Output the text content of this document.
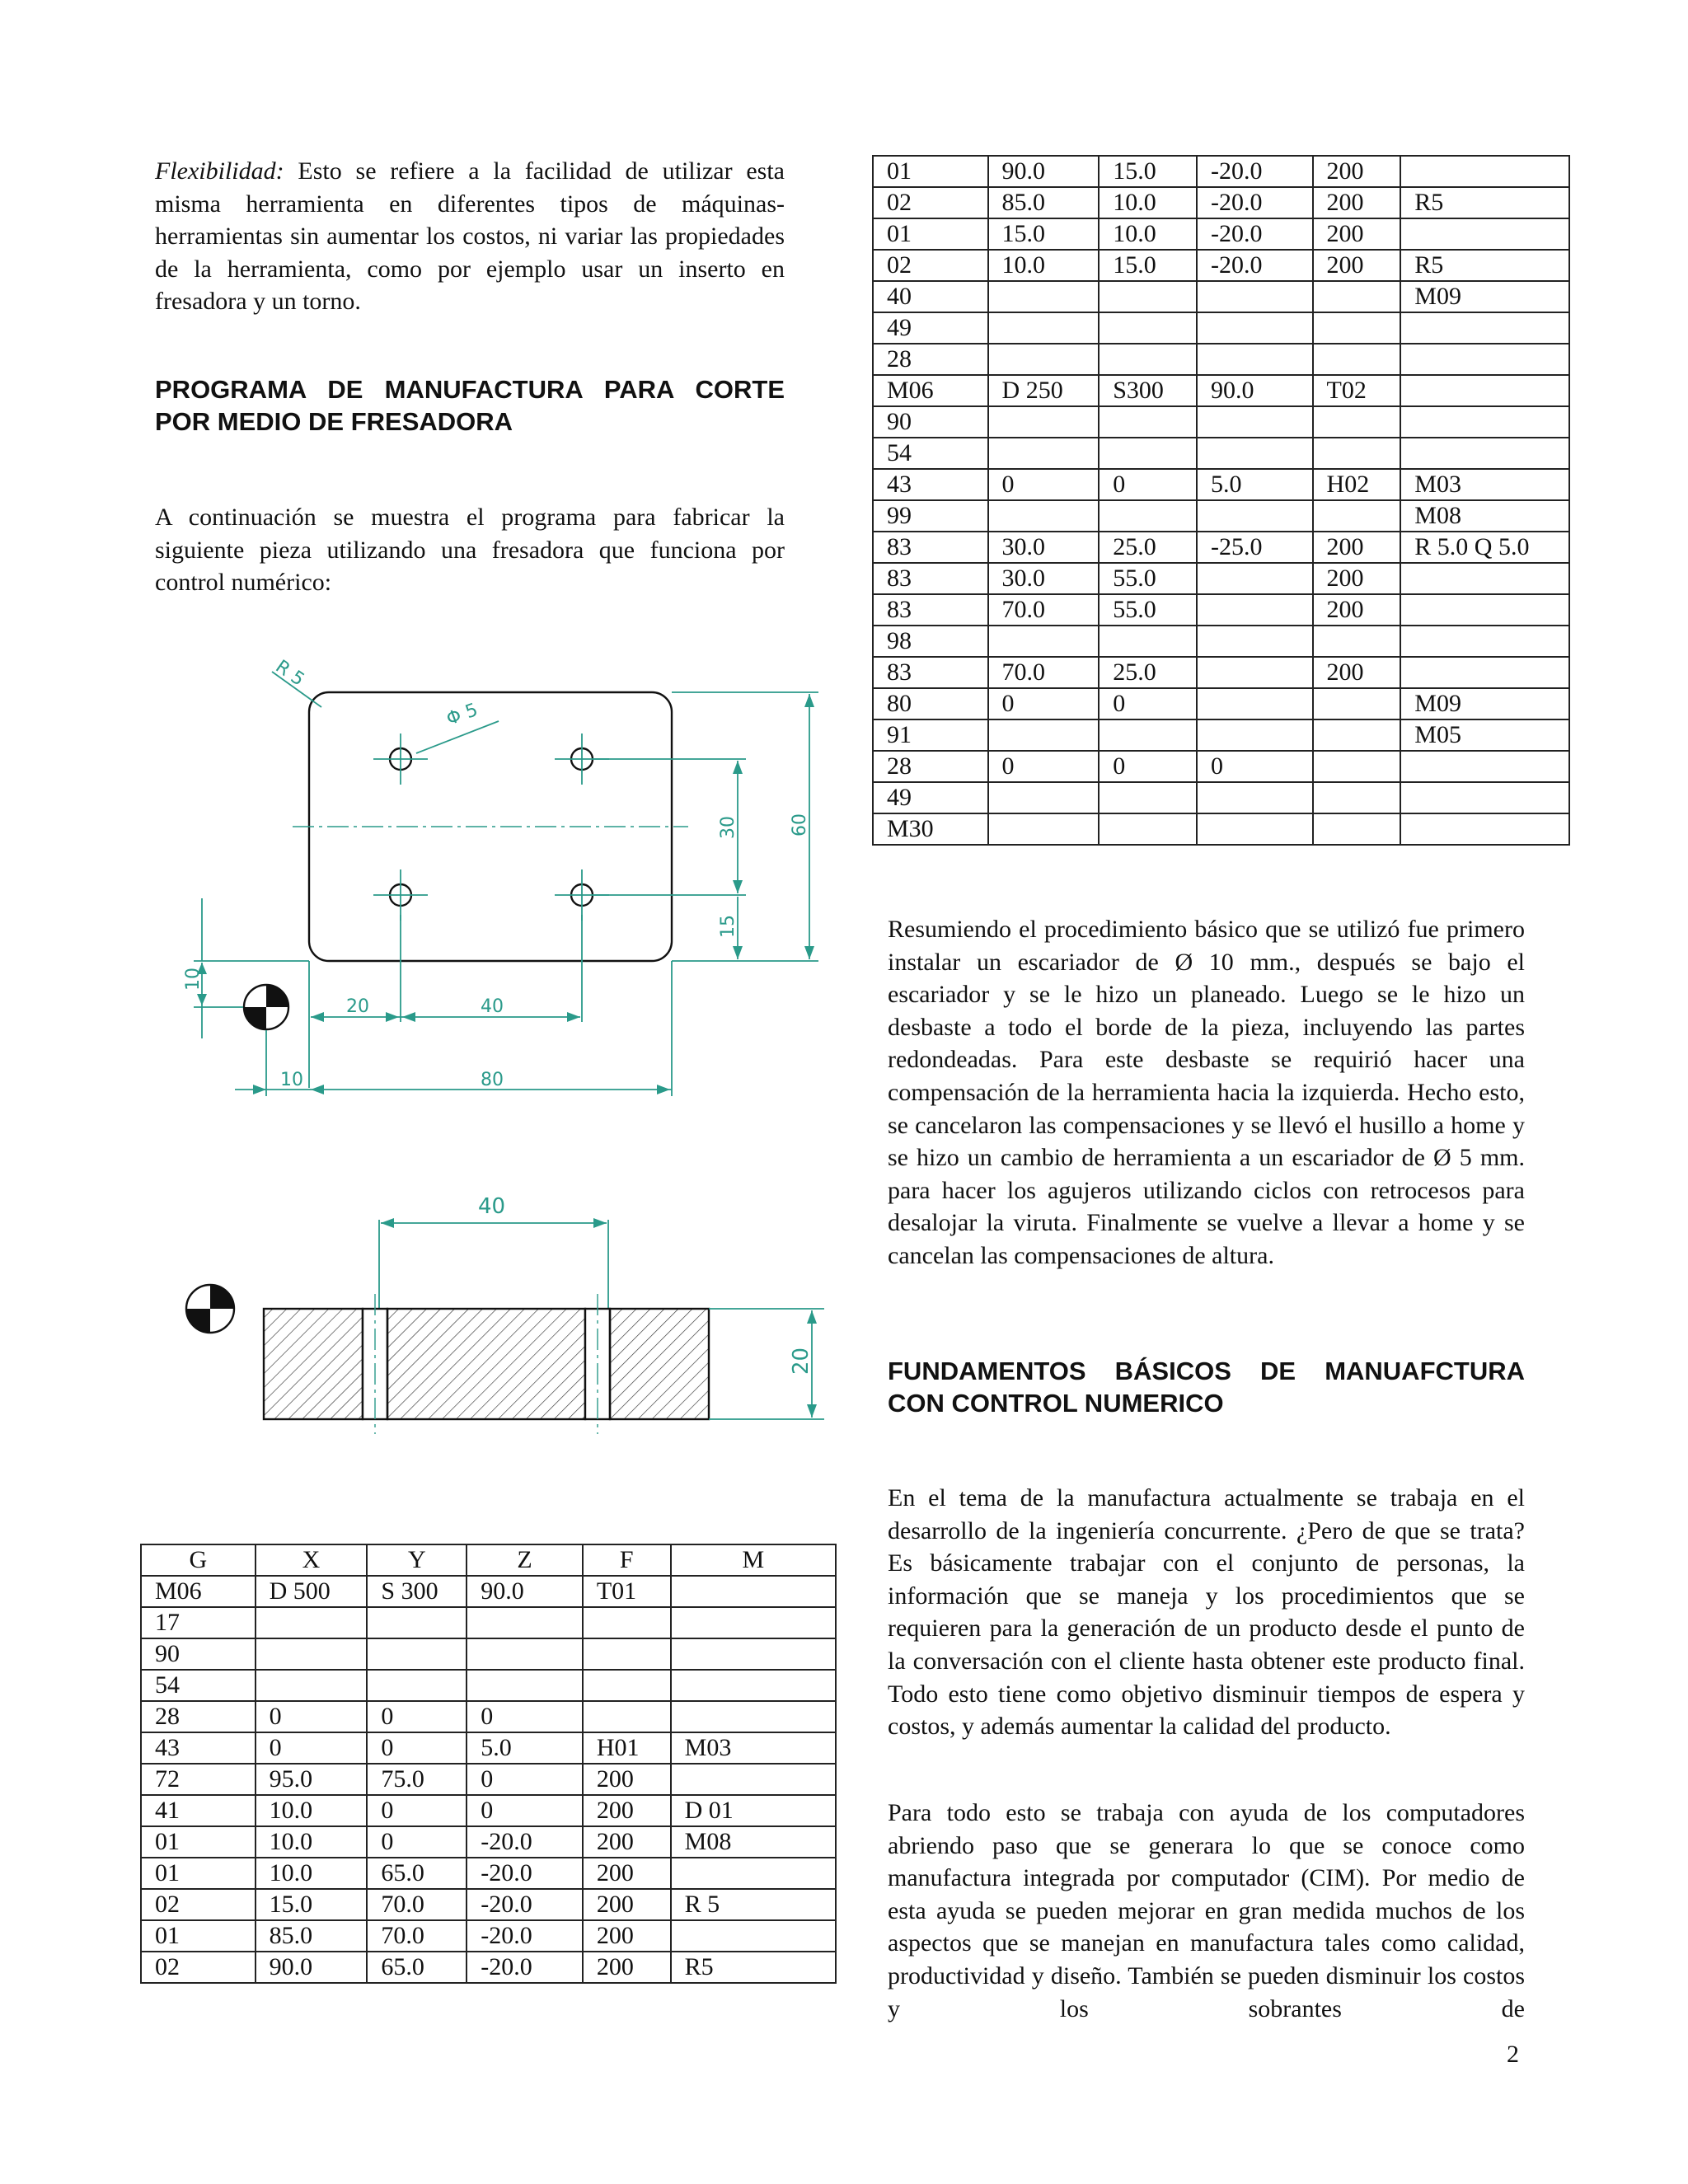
Flexibilidad: Esto se refiere a la facilidad de utilizar esta misma herramienta en diferentes tipos de máquinas-herramientas sin aumentar los costos, ni variar las propiedades de la herramienta, como por ejemplo usar un inserto en fresadora y un torno.

PROGRAMA DE MANUFACTURA PARA CORTE
POR MEDIO DE FRESADORA

A continuación se muestra el programa para fabricar la siguiente pieza utilizando una fresadora que funciona por control numérico:

R 5
Φ 5
60
30
15
10
20	40
10	80
40
20
G	X	Y	Z	F	M
M06	D 500	S 300	90.0	T01	
17					
90					
54					
28	0	0	0		
43	0	0	5.0	H01	M03
72	95.0	75.0	0	200	
41	10.0	0	0	200	D 01
01	10.0	0	-20.0	200	M08
01	10.0	65.0	-20.0	200	
02	15.0	70.0	-20.0	200	R 5
01	85.0	70.0	-20.0	200	
02	90.0	65.0	-20.0	200	R5
01	90.0	15.0	-20.0	200	
02	85.0	10.0	-20.0	200	R5
01	15.0	10.0	-20.0	200	
02	10.0	15.0	-20.0	200	R5
40					M09
49					
28					
M06	D 250	S300	90.0	T02	
90					
54					
43	0	0	5.0	H02	M03
99					M08
83	30.0	25.0	-25.0	200	R 5.0 Q 5.0
83	30.0	55.0		200	
83	70.0	55.0		200	
98					
83	70.0	25.0		200	
80	0	0			M09
91					M05
28	0	0	0		
49					
M30					

Resumiendo el procedimiento básico que se utilizó fue primero instalar un escariador de Ø 10 mm., después se bajo el escariador y se le hizo un planeado. Luego se le hizo un desbaste a todo el borde de la pieza, incluyendo las partes redondeadas. Para este desbaste se requirió hacer una compensación de la herramienta hacia la izquierda. Hecho esto, se cancelaron las compensaciones y se llevó el husillo a home y se hizo un cambio de herramienta a un escariador de Ø 5 mm. para hacer los agujeros utilizando ciclos con retrocesos para desalojar la viruta. Finalmente se vuelve a llevar a home y se cancelan las compensaciones de altura.

FUNDAMENTOS BÁSICOS DE MANUAFCTURA
CON CONTROL NUMERICO

En el tema de la manufactura actualmente se trabaja en el desarrollo de la ingeniería concurrente. ¿Pero de que se trata? Es básicamente trabajar con el conjunto de personas, la información que se maneja y los procedimientos que se requieren para la generación de un producto desde el punto de la conversación con el cliente hasta obtener este producto final. Todo esto tiene como objetivo disminuir tiempos de espera y costos, y además aumentar la calidad del producto.

Para todo esto se trabaja con ayuda de los computadores abriendo paso que se generara lo que se conoce como manufactura integrada por computador (CIM). Por medio de esta ayuda se pueden mejorar en gran medida muchos de los aspectos que se manejan en manufactura tales como calidad, productividad y diseño. También se pueden disminuir los costos y los sobrantes de

2
